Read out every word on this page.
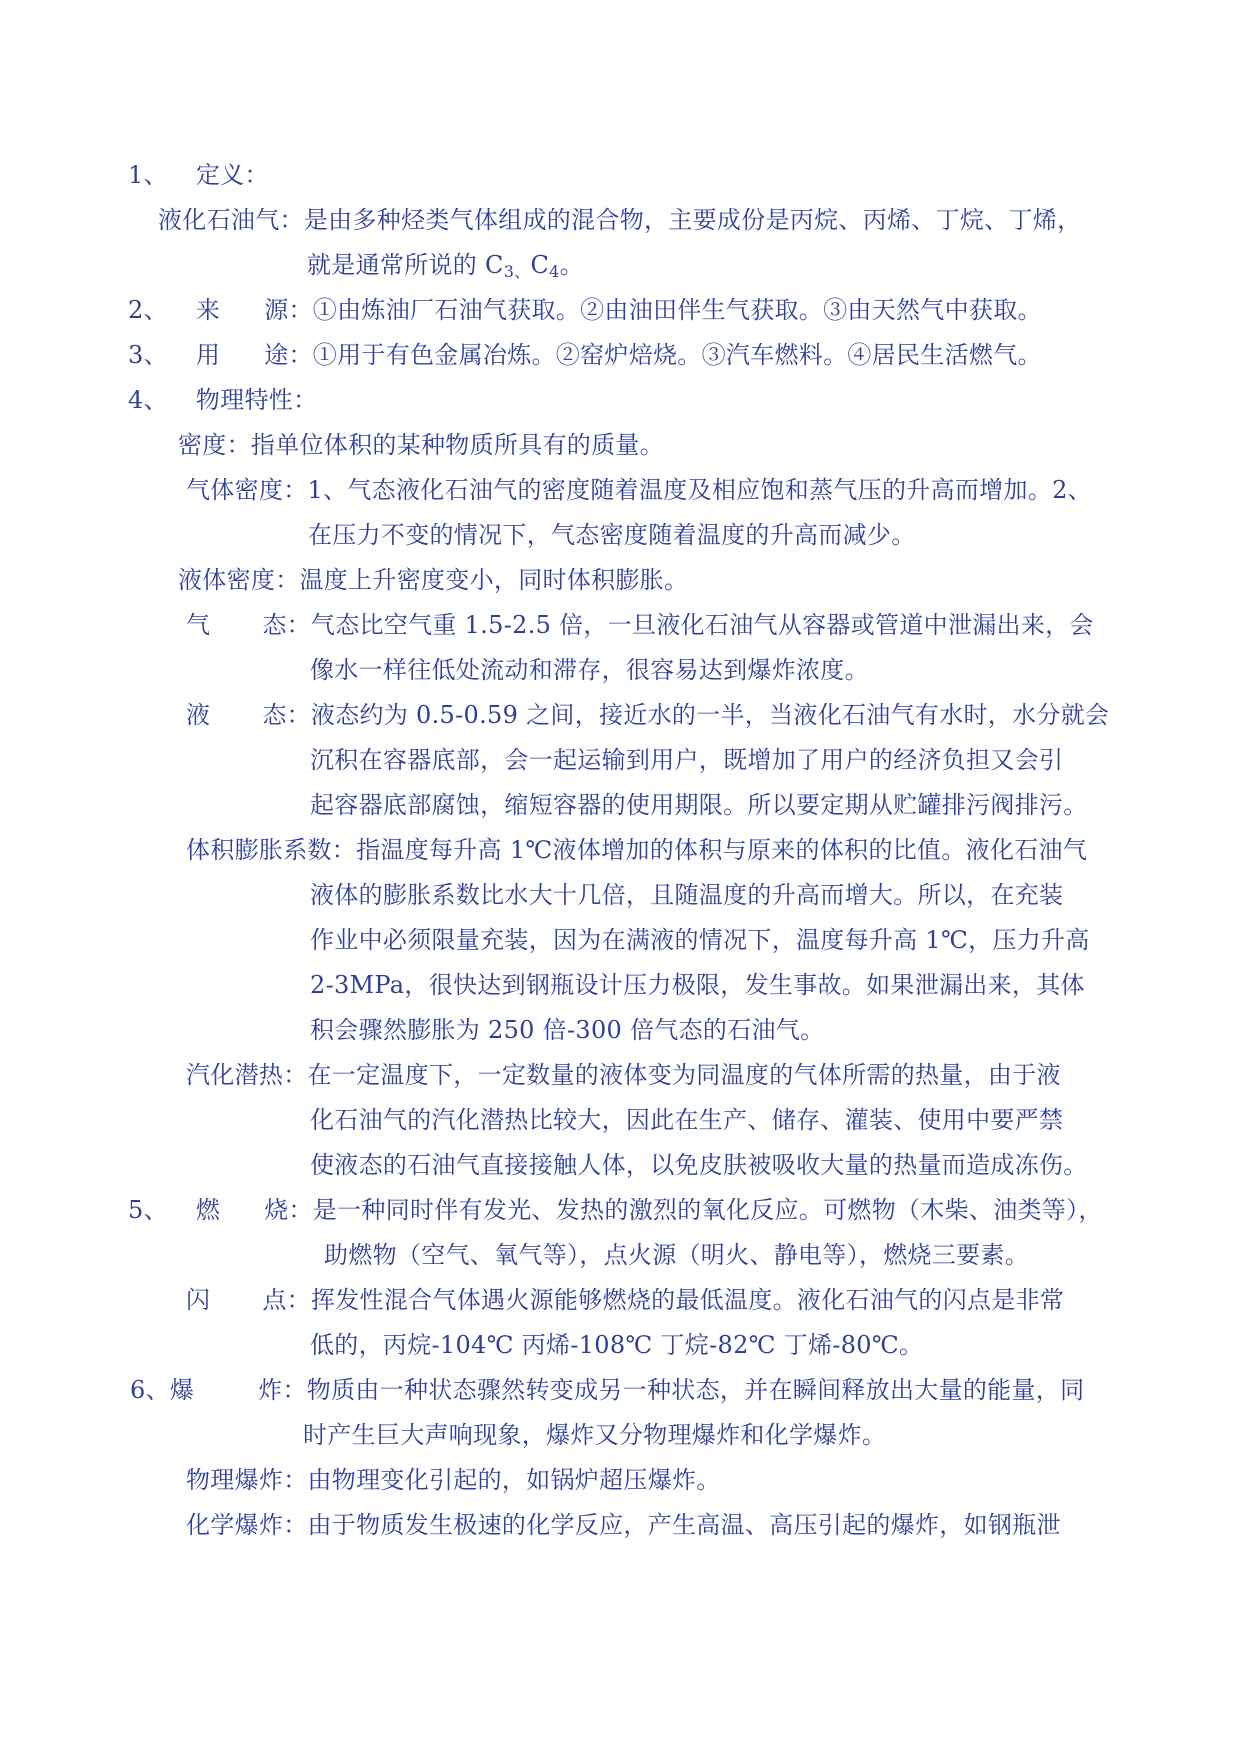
1、 定义：
液化石油气：是由多种烃类气体组成的混合物，主要成份是丙烷、丙烯、丁烷、丁烯，
就是通常所说的 $C_{3、}C_4$。
2、 来 源：①由炼油厂石油气获取。②由油田伴生气获取。③由天然气中获取。
3、 用 途：①用于有色金属冶炼。②窑炉焙烧。③汽车燃料。④居民生活燃气。
4、 物理特性：
密度：指单位体积的某种物质所具有的质量。
气体密度：1、气态液化石油气的密度随着温度及相应饱和蒸气压的升高而增加。2、
在压力不变的情况下，气态密度随着温度的升高而减少。
液体密度：温度上升密度变小，同时体积膨胀。
气 态：气态比空气重 1.5-2.5 倍，一旦液化石油气从容器或管道中泄漏出来，会
像水一样往低处流动和滞存，很容易达到爆炸浓度。
液 态：液态约为 0.5-0.59 之间，接近水的一半，当液化石油气有水时，水分就会
沉积在容器底部，会一起运输到用户，既增加了用户的经济负担又会引
起容器底部腐蚀，缩短容器的使用期限。所以要定期从贮罐排污阀排污。
体积膨胀系数：指温度每升高 1℃液体增加的体积与原来的体积的比值。液化石油气
液体的膨胀系数比水大十几倍，且随温度的升高而增大。所以，在充装
作业中必须限量充装，因为在满液的情况下，温度每升高 1℃，压力升高
2-3MPa，很快达到钢瓶设计压力极限，发生事故。如果泄漏出来，其体
积会骤然膨胀为 250 倍-300 倍气态的石油气。
汽化潜热：在一定温度下，一定数量的液体变为同温度的气体所需的热量，由于液
化石油气的汽化潜热比较大，因此在生产、储存、灌装、使用中要严禁
使液态的石油气直接接触人体，以免皮肤被吸收大量的热量而造成冻伤。
5、 燃 烧：是一种同时伴有发光、发热的激烈的氧化反应。可燃物（木柴、油类等），
助燃物（空气、氧气等），点火源（明火、静电等），燃烧三要素。
闪 点：挥发性混合气体遇火源能够燃烧的最低温度。液化石油气的闪点是非常
低的，丙烷-104℃ 丙烯-108℃ 丁烷-82℃ 丁烯-80℃。
6、爆	炸：物质由一种状态骤然转变成另一种状态，并在瞬间释放出大量的能量，同
时产生巨大声响现象，爆炸又分物理爆炸和化学爆炸。
物理爆炸：由物理变化引起的，如锅炉超压爆炸。
化学爆炸：由于物质发生极速的化学反应，产生高温、高压引起的爆炸，如钢瓶泄
